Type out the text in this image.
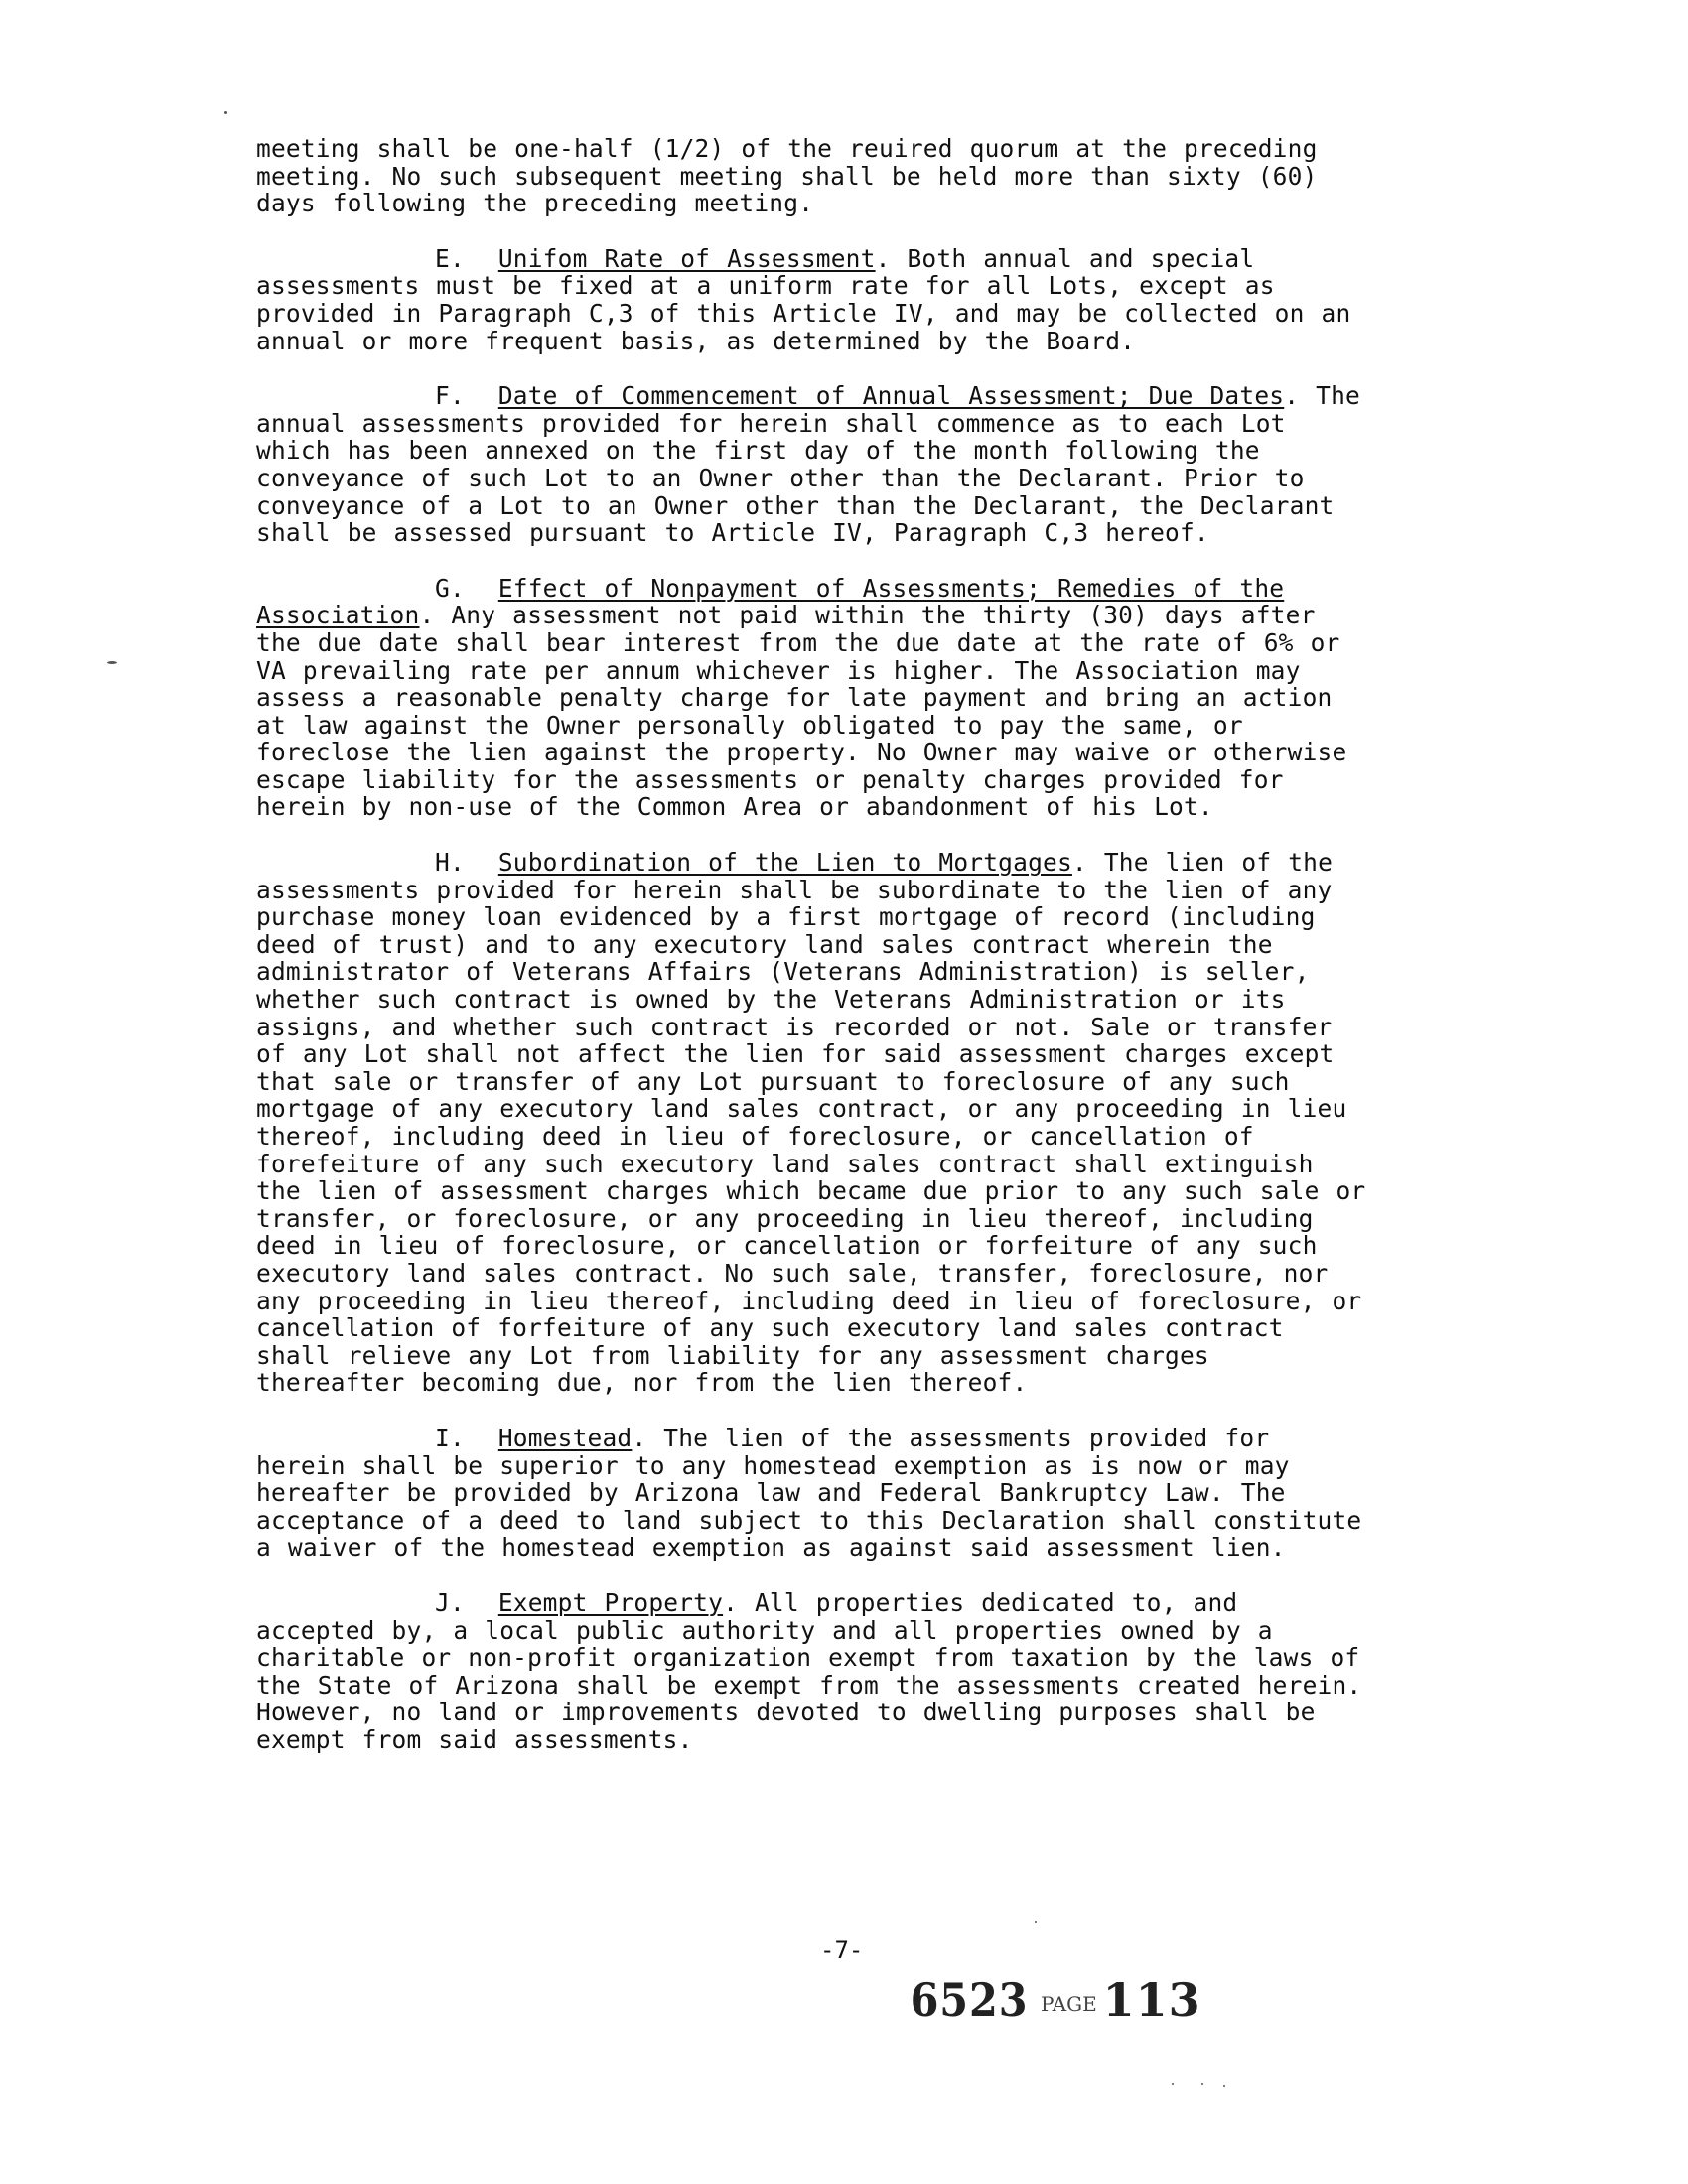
meeting shall be one-half (1/2) of the reuired quorum at the preceding meeting. No such subsequent meeting shall be held more than sixty (60) days following the preceding meeting.

E. Unifom Rate of Assessment. Both annual and special assessments must be fixed at a uniform rate for all Lots, except as provided in Paragraph C,3 of this Article IV, and may be collected on an annual or more frequent basis, as determined by the Board.

F. Date of Commencement of Annual Assessment; Due Dates. The annual assessments provided for herein shall commence as to each Lot which has been annexed on the first day of the month following the conveyance of such Lot to an Owner other than the Declarant. Prior to conveyance of a Lot to an Owner other than the Declarant, the Declarant shall be assessed pursuant to Article IV, Paragraph C,3 hereof.

G. Effect of Nonpayment of Assessments; Remedies of the Association. Any assessment not paid within the thirty (30) days after the due date shall bear interest from the due date at the rate of 6% or VA prevailing rate per annum whichever is higher. The Association may assess a reasonable penalty charge for late payment and bring an action at law against the Owner personally obligated to pay the same, or foreclose the lien against the property. No Owner may waive or otherwise escape liability for the assessments or penalty charges provided for herein by non-use of the Common Area or abandonment of his Lot.

H. Subordination of the Lien to Mortgages. The lien of the assessments provided for herein shall be subordinate to the lien of any purchase money loan evidenced by a first mortgage of record (including deed of trust) and to any executory land sales contract wherein the administrator of Veterans Affairs (Veterans Administration) is seller, whether such contract is owned by the Veterans Administration or its assigns, and whether such contract is recorded or not. Sale or transfer of any Lot shall not affect the lien for said assessment charges except that sale or transfer of any Lot pursuant to foreclosure of any such mortgage of any executory land sales contract, or any proceeding in lieu thereof, including deed in lieu of foreclosure, or cancellation of forefeiture of any such executory land sales contract shall extinguish the lien of assessment charges which became due prior to any such sale or transfer, or foreclosure, or any proceeding in lieu thereof, including deed in lieu of foreclosure, or cancellation or forfeiture of any such executory land sales contract. No such sale, transfer, foreclosure, nor any proceeding in lieu thereof, including deed in lieu of foreclosure, or cancellation of forfeiture of any such executory land sales contract shall relieve any Lot from liability for any assessment charges thereafter becoming due, nor from the lien thereof.

I. Homestead. The lien of the assessments provided for herein shall be superior to any homestead exemption as is now or may hereafter be provided by Arizona law and Federal Bankruptcy Law. The acceptance of a deed to land subject to this Declaration shall constitute a waiver of the homestead exemption as against said assessment lien.

J. Exempt Property. All properties dedicated to, and accepted by, a local public authority and all properties owned by a charitable or non-profit organization exempt from taxation by the laws of the State of Arizona shall be exempt from the assessments created herein. However, no land or improvements devoted to dwelling purposes shall be exempt from said assessments.

-7-
6523 PAGE 113
